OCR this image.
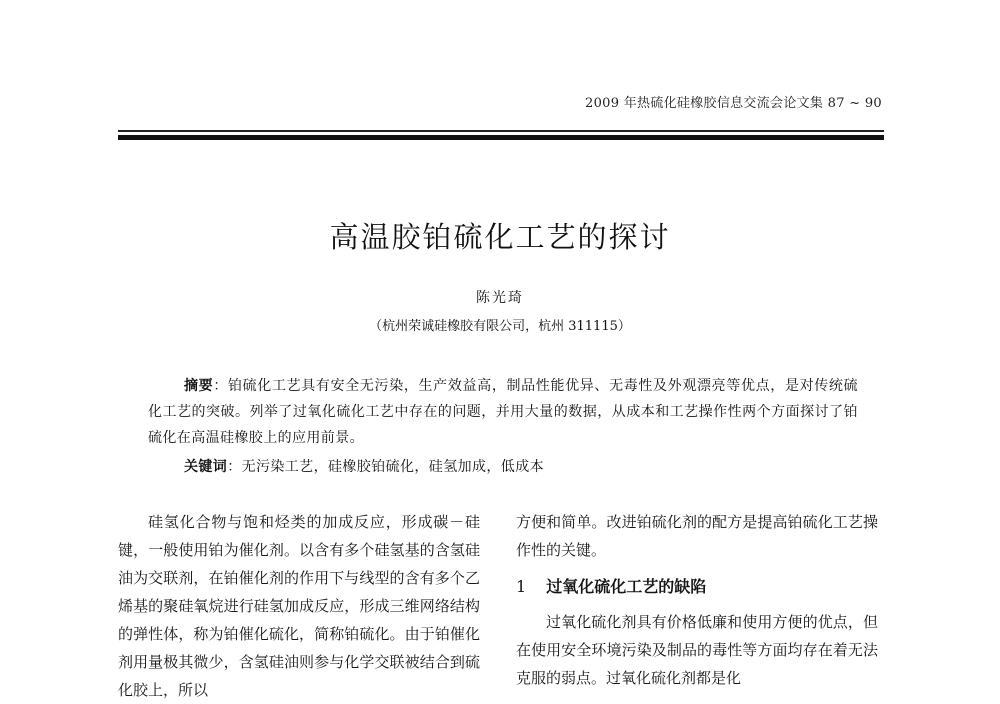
2009 年热硫化硅橡胶信息交流会论文集 87 ~ 90
高温胶铂硫化工艺的探讨
陈光琦
（杭州荣诚硅橡胶有限公司，杭州 311115）
摘要：铂硫化工艺具有安全无污染，生产效益高，制品性能优异、无毒性及外观漂亮等优点，是对传统硫化工艺的突破。列举了过氧化硫化工艺中存在的问题，并用大量的数据，从成本和工艺操作性两个方面探讨了铂硫化在高温硅橡胶上的应用前景。
关键词：无污染工艺，硅橡胶铂硫化，硅氢加成，低成本

硅氢化合物与饱和烃类的加成反应，形成碳－硅键，一般使用铂为催化剂。以含有多个硅氢基的含氢硅油为交联剂，在铂催化剂的作用下与线型的含有多个乙烯基的聚硅氧烷进行硅氢加成反应，形成三维网络结构的弹性体，称为铂催化硫化，简称铂硫化。由于铂催化剂用量极其微少，含氢硅油则参与化学交联被结合到硫化胶上，所以

方便和简单。改进铂硫化剂的配方是提高铂硫化工艺操作性的关键。

1 过氧化硫化工艺的缺陷

过氧化硫化剂具有价格低廉和使用方便的优点，但在使用安全环境污染及制品的毒性等方面均存在着无法克服的弱点。过氧化硫化剂都是化
